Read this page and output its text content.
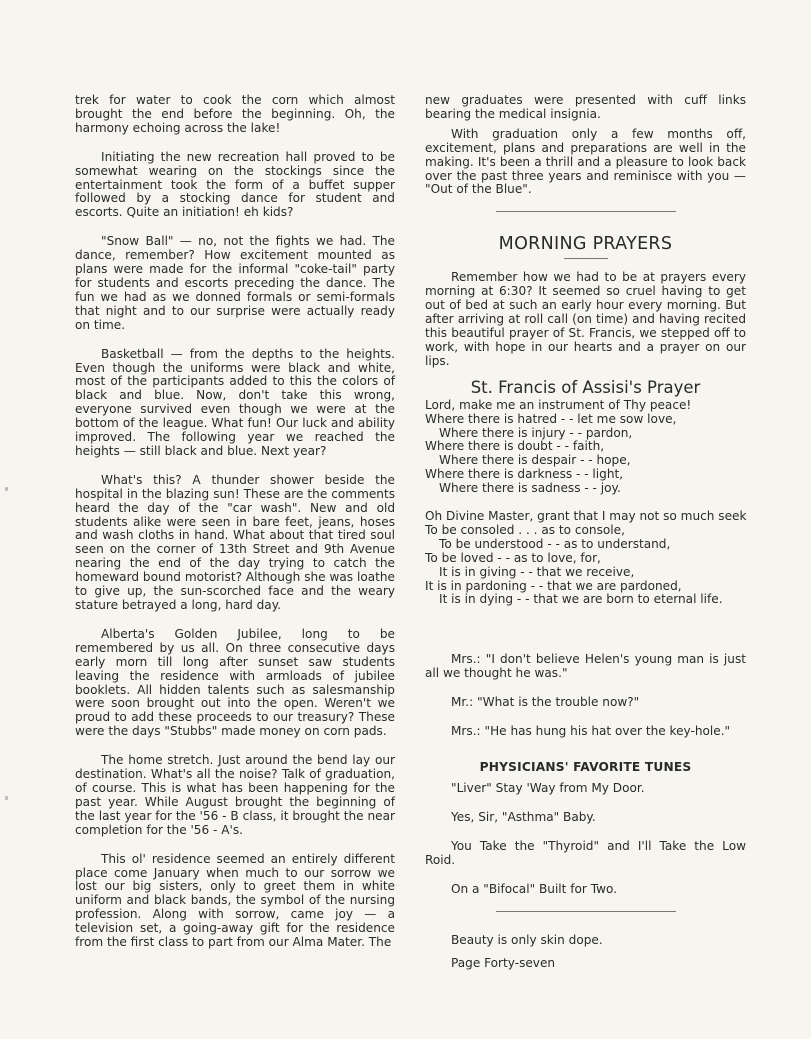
trek for water to cook the corn which almost brought the end before the beginning. Oh, the harmony echoing across the lake!

Initiating the new recreation hall proved to be somewhat wearing on the stockings since the entertainment took the form of a buffet supper followed by a stocking dance for student and escorts. Quite an initiation! eh kids?

"Snow Ball" — no, not the fights we had. The dance, remember? How excitement mounted as plans were made for the informal "coke-tail" party for students and escorts preceding the dance. The fun we had as we donned formals or semi-formals that night and to our surprise were actually ready on time.

Basketball — from the depths to the heights. Even though the uniforms were black and white, most of the participants added to this the colors of black and blue. Now, don't take this wrong, everyone survived even though we were at the bottom of the league. What fun! Our luck and ability improved. The following year we reached the heights — still black and blue. Next year?

What's this? A thunder shower beside the hospital in the blazing sun! These are the comments heard the day of the "car wash". New and old students alike were seen in bare feet, jeans, hoses and wash cloths in hand. What about that tired soul seen on the corner of 13th Street and 9th Avenue nearing the end of the day trying to catch the homeward bound motorist? Although she was loathe to give up, the sun-scorched face and the weary stature betrayed a long, hard day.

Alberta's Golden Jubilee, long to be remembered by us all. On three consecutive days early morn till long after sunset saw students leaving the residence with armloads of jubilee booklets. All hidden talents such as salesmanship were soon brought out into the open. Weren't we proud to add these proceeds to our treasury? These were the days "Stubbs" made money on corn pads.

The home stretch. Just around the bend lay our destination. What's all the noise? Talk of graduation, of course. This is what has been happening for the past year. While August brought the beginning of the last year for the '56 - B class, it brought the near completion for the '56 - A's.

This ol' residence seemed an entirely different place come January when much to our sorrow we lost our big sisters, only to greet them in white uniform and black bands, the symbol of the nursing profession. Along with sorrow, came joy — a television set, a going-away gift for the residence from the first class to part from our Alma Mater. The

new graduates were presented with cuff links bearing the medical insignia.

With graduation only a few months off, excitement, plans and preparations are well in the making. It's been a thrill and a pleasure to look back over the past three years and reminisce with you — "Out of the Blue".

MORNING PRAYERS

Remember how we had to be at prayers every morning at 6:30? It seemed so cruel having to get out of bed at such an early hour every morning. But after arriving at roll call (on time) and having recited this beautiful prayer of St. Francis, we stepped off to work, with hope in our hearts and a prayer on our lips.

St. Francis of Assisi's Prayer
Lord, make me an instrument of Thy peace!
Where there is hatred - - let me sow love,
Where there is injury - - pardon,
Where there is doubt - - faith,
Where there is despair - - hope,
Where there is darkness - - light,
Where there is sadness - - joy.
Oh Divine Master, grant that I may not so much seek
To be consoled . . . as to console,
To be understood - - as to understand,
To be loved - - as to love, for,
It is in giving - - that we receive,
It is in pardoning - - that we are pardoned,
It is in dying - - that we are born to eternal life.

Mrs.: "I don't believe Helen's young man is just all we thought he was."

Mr.: "What is the trouble now?"

Mrs.: "He has hung his hat over the key-hole."

PHYSICIANS' FAVORITE TUNES

"Liver" Stay 'Way from My Door.

Yes, Sir, "Asthma" Baby.

You Take the "Thyroid" and I'll Take the Low Roid.

On a "Bifocal" Built for Two.

Beauty is only skin dope.

Page Forty-seven
